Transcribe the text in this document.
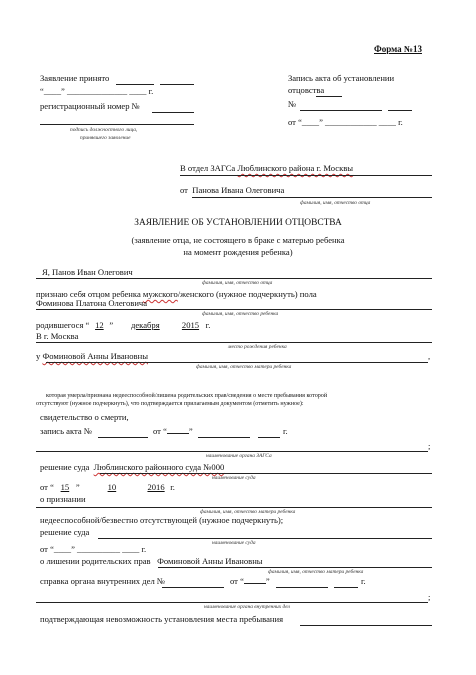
Форма №13
Заявление принято
“____” ______________ ____ г.
регистрационный номер №
подпись должностного лица,
принявшего заявление
Запись акта об установлении
отцовства
№
от “____” ____________ ____ г.
В отдел ЗАГСа Люблинского района г. Москвы
от Панова Ивана Олеговича
фамилия, имя, отчество отца
ЗАЯВЛЕНИЕ ОБ УСТАНОВЛЕНИИ ОТЦОВСТВА
(заявление отца, не состоящего в браке с матерью ребенка
на момент рождения ребенка)
Я, Панов Иван Олегович
фамилия, имя, отчество отца
признаю себя отцом ребенка мужского/женского (нужное подчеркнуть) пола
Фоминова Платона Олеговича
фамилия, имя, отчество ребенка
родившегося “ 12 ” декабря	2015 г.
В г. Москва
место рождения ребенка
у Фоминовой Анны Ивановны	,
фамилия, имя, отчество матери ребенка
которая умерла/признана недееспособной/лишена родительских прав/сведения о месте пребывания которой
отсутствуют (нужное подчеркнуть), что подтверждается прилагаемым документом (отметить нужное):
свидетельство о смерти,
запись акта №	от “	”	г.
;
наименование органа ЗАГСа
решение суда Люблинского районного суда №000
наименование суда
от “ 15 ”	10	2016 г.
о признании
фамилия, имя, отчество матери ребенка
недееспособной/безвестно отсутствующей (нужное подчеркнуть);
решение суда
наименование суда
от “____” __________ ____ г.
о лишении родительских прав Фоминовой Анны Ивановны
фамилия, имя, отчество матери ребенка
справка органа внутренних дел №	от “	”	г.
;
наименование органа внутренних дел
подтверждающая невозможность установления места пребывания
